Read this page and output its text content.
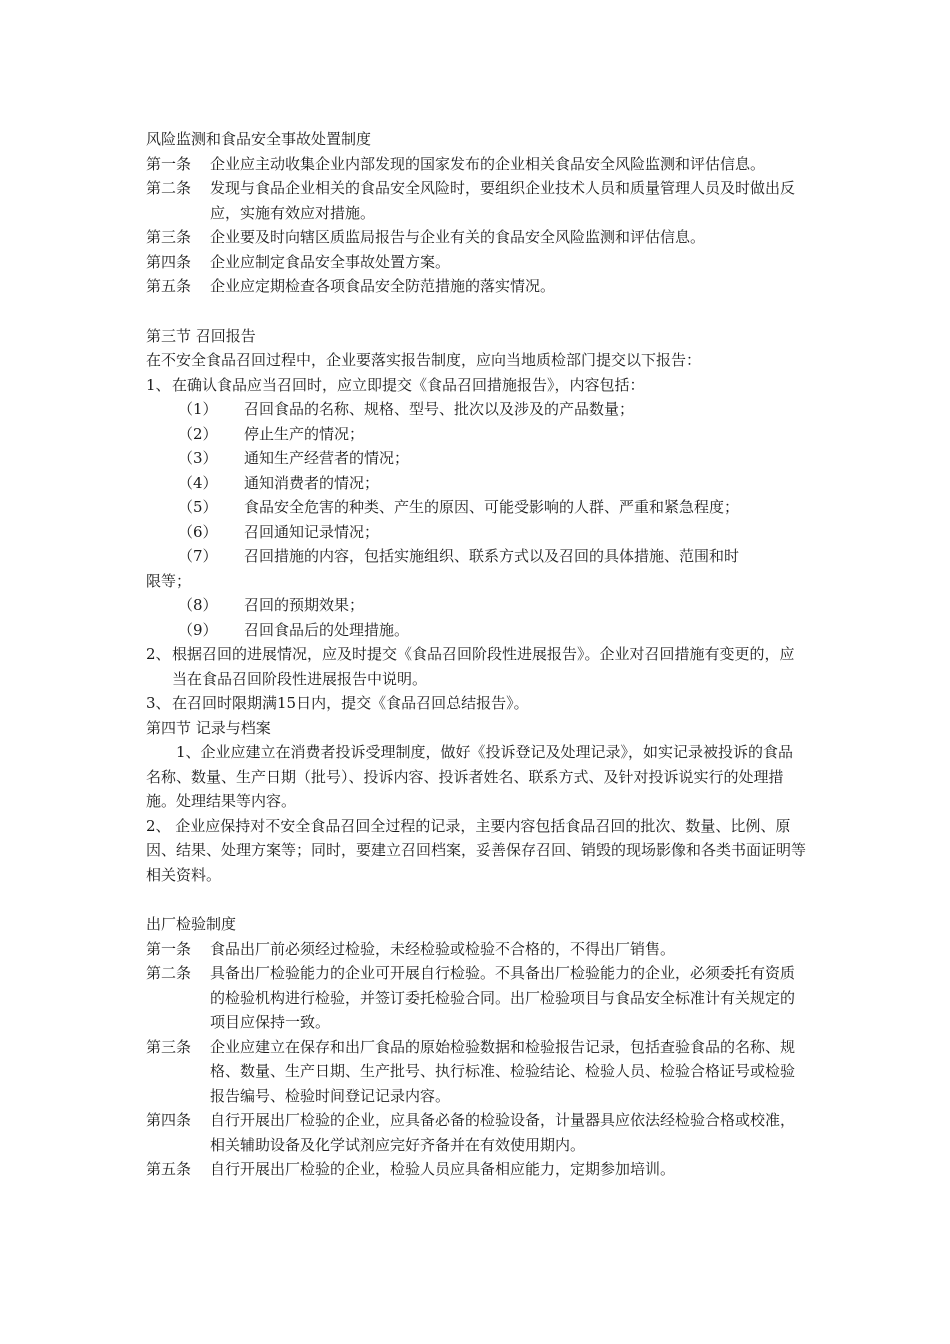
风险监测和食品安全事故处置制度
第一条	企业应主动收集企业内部发现的国家发布的企业相关食品安全风险监测和评估信息。
第二条	发现与食品企业相关的食品安全风险时，要组织企业技术人员和质量管理人员及时做出反应，实施有效应对措施。
第三条	企业要及时向辖区质监局报告与企业有关的食品安全风险监测和评估信息。
第四条	企业应制定食品安全事故处置方案。
第五条	企业应定期检查各项食品安全防范措施的落实情况。
第三节 召回报告
在不安全食品召回过程中，企业要落实报告制度，应向当地质检部门提交以下报告：
1、 在确认食品应当召回时，应立即提交《食品召回措施报告》，内容包括：
（1）	召回食品的名称、规格、型号、批次以及涉及的产品数量；
（2）	停止生产的情况；
（3）	通知生产经营者的情况；
（4）	通知消费者的情况；
（5）	食品安全危害的种类、产生的原因、可能受影响的人群、严重和紧急程度；
（6）	召回通知记录情况；
（7）	召回措施的内容，包括实施组织、联系方式以及召回的具体措施、范围和时
限等；
（8）	召回的预期效果；
（9）	召回食品后的处理措施。
2、 根据召回的进展情况，应及时提交《食品召回阶段性进展报告》。企业对召回措施有变更的，应当在食品召回阶段性进展报告中说明。
3、 在召回时限期满15日内，提交《食品召回总结报告》。
第四节 记录与档案
1、企业应建立在消费者投诉受理制度，做好《投诉登记及处理记录》，如实记录被投诉的食品名称、数量、生产日期（批号）、投诉内容、投诉者姓名、联系方式、及针对投诉说实行的处理措施。处理结果等内容。
2、 企业应保持对不安全食品召回全过程的记录，主要内容包括食品召回的批次、数量、比例、原因、结果、处理方案等；同时，要建立召回档案，妥善保存召回、销毁的现场影像和各类书面证明等相关资料。
出厂检验制度
第一条	食品出厂前必须经过检验，未经检验或检验不合格的，不得出厂销售。
第二条	具备出厂检验能力的企业可开展自行检验。不具备出厂检验能力的企业，必须委托有资质的检验机构进行检验，并签订委托检验合同。出厂检验项目与食品安全标准计有关规定的项目应保持一致。
第三条	企业应建立在保存和出厂食品的原始检验数据和检验报告记录，包括查验食品的名称、规格、数量、生产日期、生产批号、执行标准、检验结论、检验人员、检验合格证号或检验报告编号、检验时间登记记录内容。
第四条	自行开展出厂检验的企业，应具备必备的检验设备，计量器具应依法经检验合格或校准，相关辅助设备及化学试剂应完好齐备并在有效使用期内。
第五条	自行开展出厂检验的企业，检验人员应具备相应能力，定期参加培训。
